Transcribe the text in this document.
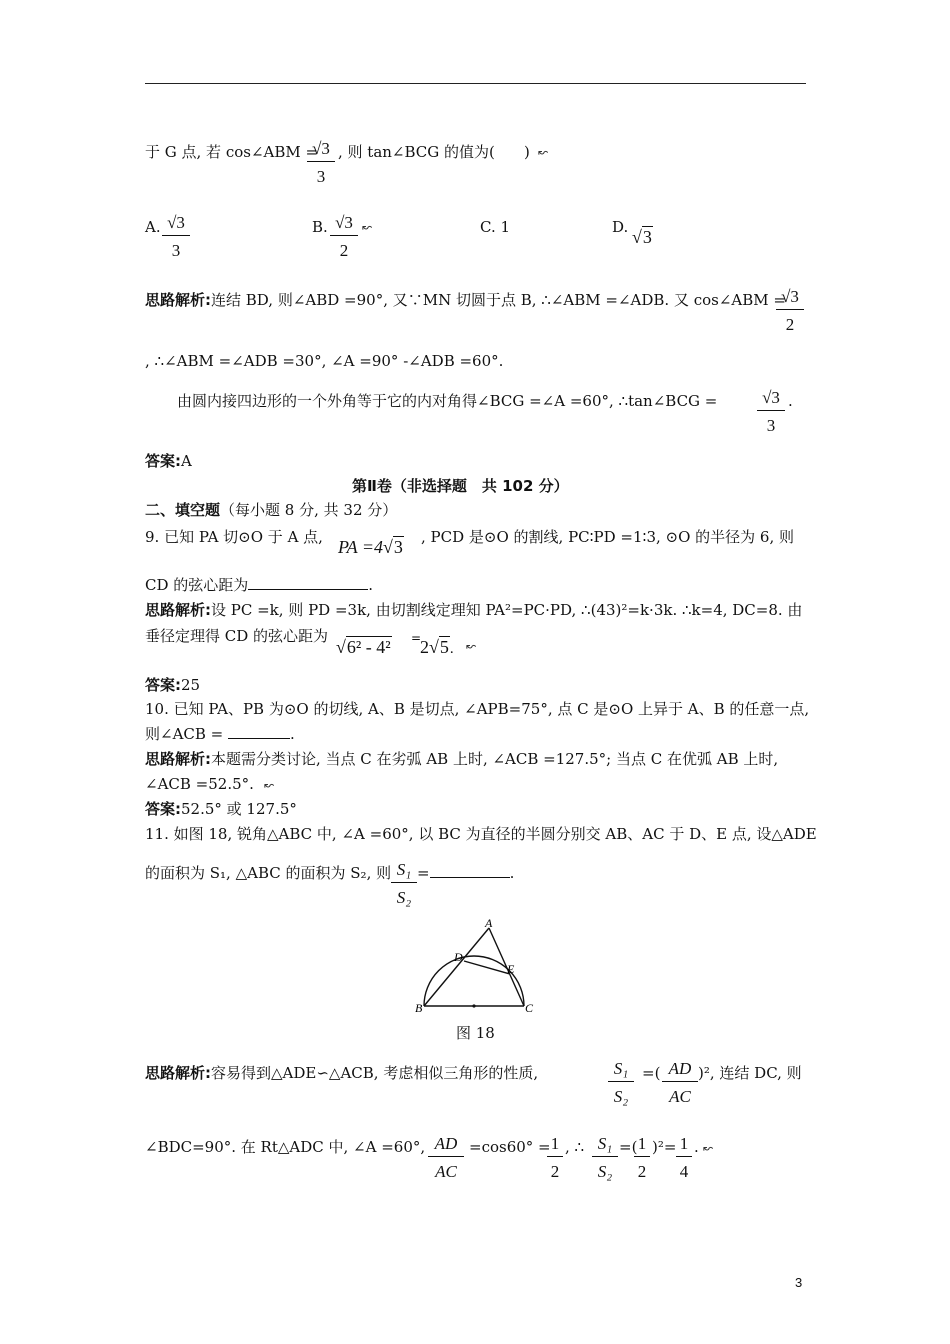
于 G 点, 若 cos∠ABM =
$\frac{√3}{3}$ , 则 tan∠BCG 的值为( ) ↜
A. $\frac{√3}{3}$	B. $\frac{√3}{2}$ ↜	C. 1	D. √3
思路解析:连结 BD, 则∠ABD =90°, 又∵MN 切圆于点 B, ∴∠ABM =∠ADB. 又 cos∠ABM =
$\frac{√3}{2}$
, ∴∠ABM =∠ADB =30°, ∠A =90° -∠ADB =60°.
由圆内接四边形的一个外角等于它的内对角得∠BCG =∠A =60°, ∴tan∠BCG = $\frac{√3}{3}$ .
答案:A
第Ⅱ卷（非选择题　共 102 分）
二、填空题（每小题 8 分, 共 32 分）
9. 已知 PA 切⊙O 于 A 点, PA =4√3 , PCD 是⊙O 的割线, PC∶PD =1∶3, ⊙O 的半径为 6, 则
CD 的弦心距为	.
思路解析:设 PC =k, 则 PD =3k, 由切割线定理知 PA²=PC·PD, ∴(43)²=k·3k. ∴k=4, DC=8. 由
垂径定理得 CD 的弦心距为
√6² - 4² =
2√5. ↜
答案:25
10. 已知 PA、PB 为⊙O 的切线, A、B 是切点, ∠APB=75°, 点 C 是⊙O 上异于 A、B 的任意一点,
则∠ACB =	.
思路解析:本题需分类讨论, 当点 C 在劣弧 AB 上时, ∠ACB =127.5°; 当点 C 在优弧 AB 上时,
∠ACB =52.5°. ↜
答案:52.5° 或 127.5°
11. 如图 18, 锐角△ABC 中, ∠A =60°, 以 BC 为直径的半圆分别交 AB、AC 于 D、E 点, 设△ADE
的面积为 S₁, △ABC 的面积为 S₂, 则 $\frac{\text{S₁}}{\text{S₂}}$ =	.
A
B	C
D
E
图 18
思路解析:容易得到△ADE∽△ACB, 考虑相似三角形的性质,	$\frac{\text{S₁}}{\text{S₂}}$ =( $\frac{AD}{AC} )^2$, 连结 DC, 则
∠BDC=90°. 在 Rt△ADC 中, ∠A =60°, $\frac{AD}{AC} =\cos 60^\circ$ =
$\frac{1}{2}$ , ∴ $\frac{\text{S₁}}{\text{S₂}}$ =(
$\frac{1}{2} )^2= \frac{1}{4}$ . ↜
3
